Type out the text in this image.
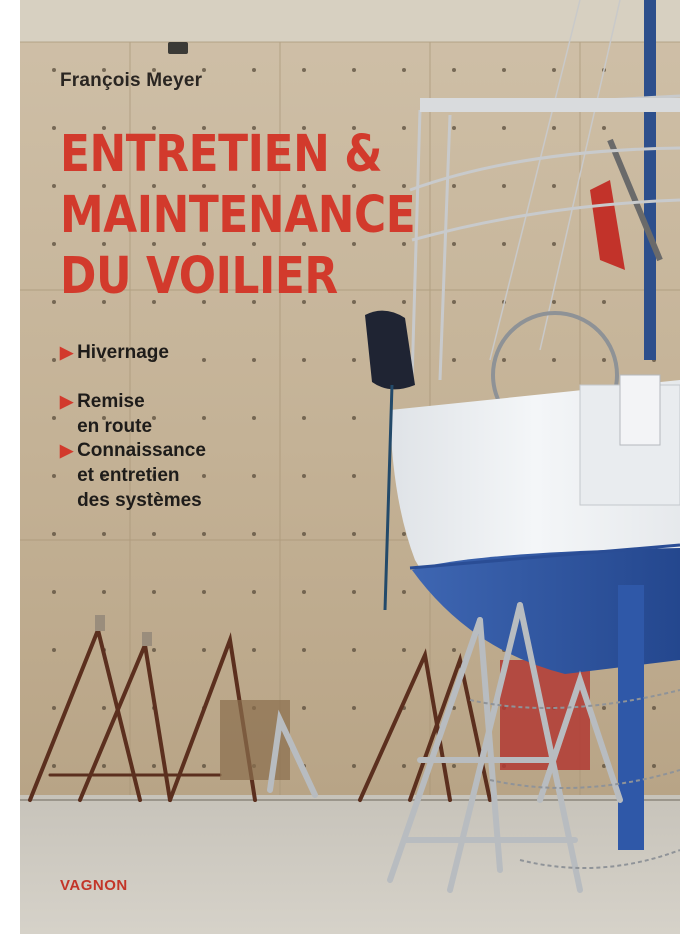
François Meyer
ENTRETIEN &
MAINTENANCE
DU VOILIER
▶ Hivernage
▶ Remise en route
▶ Connaissance
et entretien
des systèmes
VAGNON
